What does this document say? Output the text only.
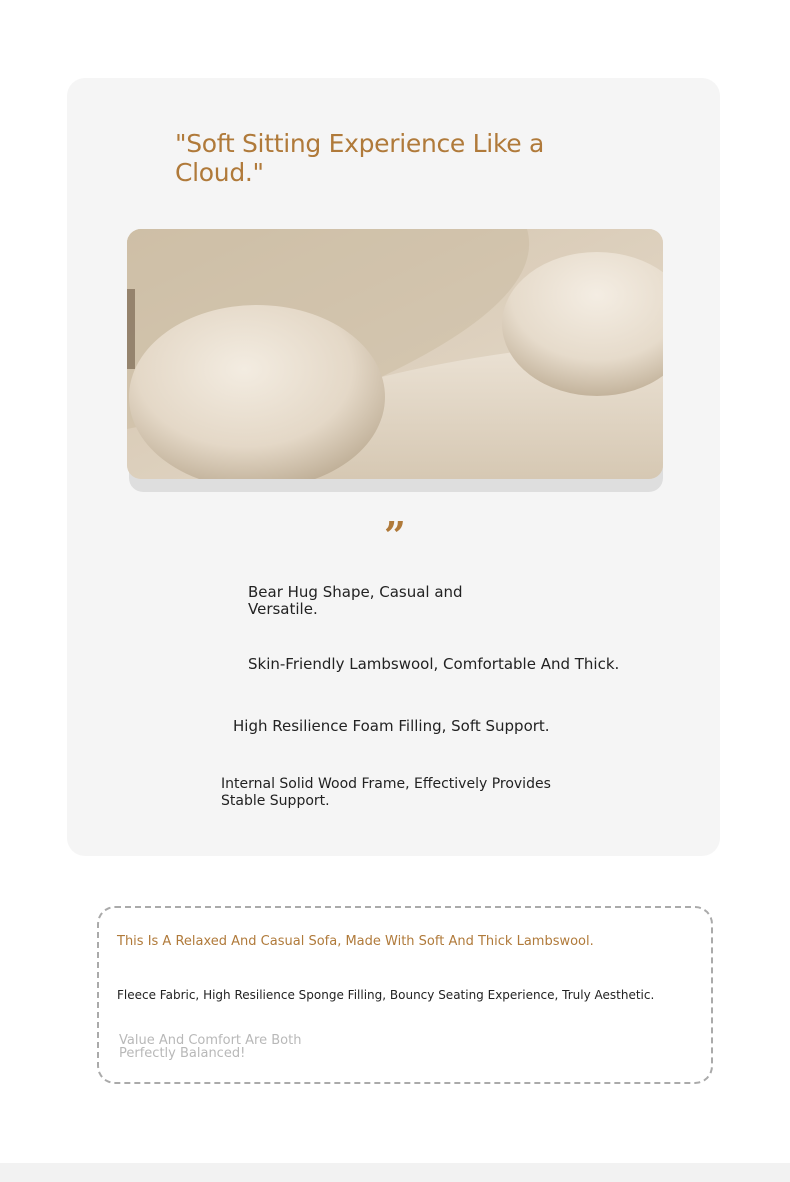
"Soft Sitting Experience Like a Cloud."
”

Bear Hug Shape, Casual and Versatile.

Skin-Friendly Lambswool, Comfortable And Thick.

High Resilience Foam Filling, Soft Support.

Internal Solid Wood Frame, Effectively Provides Stable Support.

This Is A Relaxed And Casual Sofa, Made With Soft And Thick Lambswool.

Fleece Fabric, High Resilience Sponge Filling, Bouncy Seating Experience, Truly Aesthetic.

Value And Comfort Are Both Perfectly Balanced!
